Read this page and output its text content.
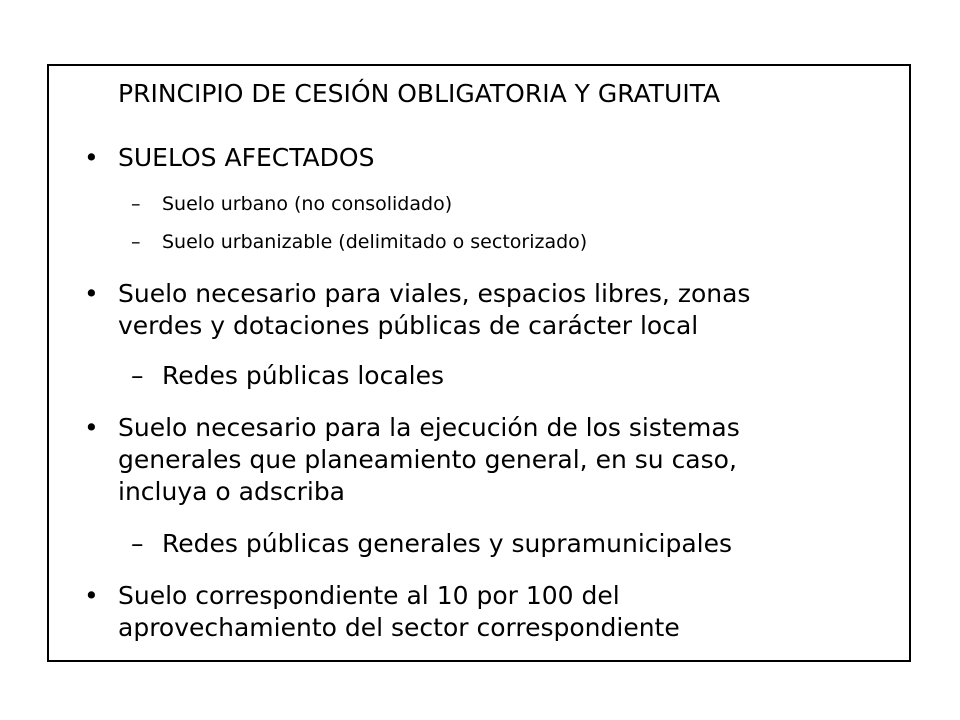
PRINCIPIO DE CESIÓN OBLIGATORIA Y GRATUITA
• SUELOS AFECTADOS
– Suelo urbano (no consolidado)
– Suelo urbanizable (delimitado o sectorizado)
• Suelo necesario para viales, espacios libres, zonas
verdes y dotaciones públicas de carácter local
– Redes públicas locales
• Suelo necesario para la ejecución de los sistemas
generales que planeamiento general, en su caso,
incluya o adscriba
– Redes públicas generales y supramunicipales
• Suelo correspondiente al 10 por 100 del
aprovechamiento del sector correspondiente
